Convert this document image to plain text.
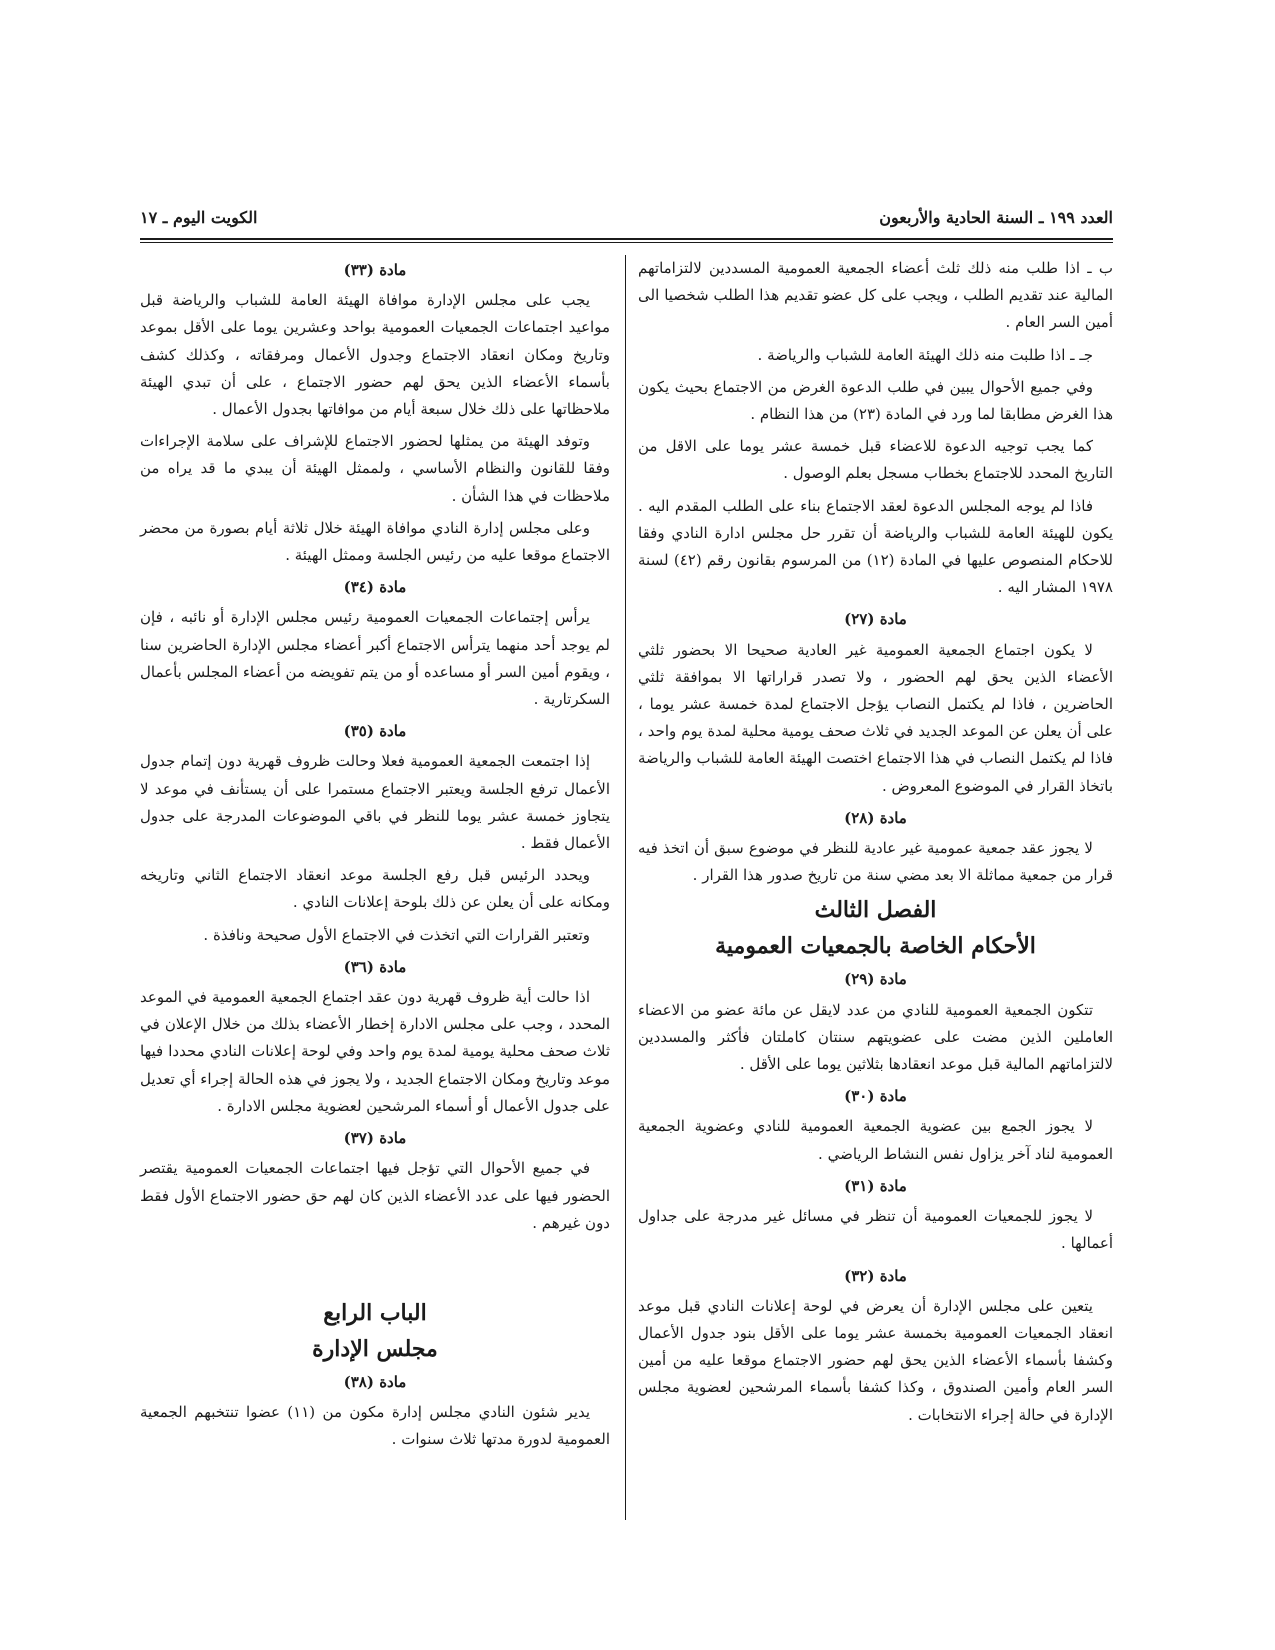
العدد ١٩٩ ـ السنة الحادية والأربعون
الكويت اليوم ـ ١٧

ب ـ اذا طلب منه ذلك ثلث أعضاء الجمعية العمومية المسددين لالتزاماتهم المالية عند تقديم الطلب ، ويجب على كل عضو تقديم هذا الطلب شخصيا الى أمين السر العام .

جـ ـ اذا طلبت منه ذلك الهيئة العامة للشباب والرياضة .

وفي جميع الأحوال يبين في طلب الدعوة الغرض من الاجتماع بحيث يكون هذا الغرض مطابقا لما ورد في المادة (٢٣) من هذا النظام .

كما يجب توجيه الدعوة للاعضاء قبل خمسة عشر يوما على الاقل من التاريخ المحدد للاجتماع بخطاب مسجل بعلم الوصول .

فاذا لم يوجه المجلس الدعوة لعقد الاجتماع بناء على الطلب المقدم اليه . يكون للهيئة العامة للشباب والرياضة أن تقرر حل مجلس ادارة النادي وفقا للاحكام المنصوص عليها في المادة (١٢) من المرسوم بقانون رقم (٤٢) لسنة ١٩٧٨ المشار اليه .

مادة (٢٧)

لا يكون اجتماع الجمعية العمومية غير العادية صحيحا الا بحضور ثلثي الأعضاء الذين يحق لهم الحضور ، ولا تصدر قراراتها الا بموافقة ثلثي الحاضرين ، فاذا لم يكتمل النصاب يؤجل الاجتماع لمدة خمسة عشر يوما ، على أن يعلن عن الموعد الجديد في ثلاث صحف يومية محلية لمدة يوم واحد ، فاذا لم يكتمل النصاب في هذا الاجتماع اختصت الهيئة العامة للشباب والرياضة باتخاذ القرار في الموضوع المعروض .

مادة (٢٨)

لا يجوز عقد جمعية عمومية غير عادية للنظر في موضوع سبق أن اتخذ فيه قرار من جمعية مماثلة الا بعد مضي سنة من تاريخ صدور هذا القرار .

الفصل الثالث
الأحكام الخاصة بالجمعيات العمومية
مادة (٢٩)

تتكون الجمعية العمومية للنادي من عدد لايقل عن مائة عضو من الاعضاء العاملين الذين مضت على عضويتهم سنتان كاملتان فأكثر والمسددين لالتزاماتهم المالية قبل موعد انعقادها بثلاثين يوما على الأقل .

مادة (٣٠)

لا يجوز الجمع بين عضوية الجمعية العمومية للنادي وعضوية الجمعية العمومية لناد آخر يزاول نفس النشاط الرياضي .

مادة (٣١)

لا يجوز للجمعيات العمومية أن تنظر في مسائل غير مدرجة على جداول أعمالها .

مادة (٣٢)

يتعين على مجلس الإدارة أن يعرض في لوحة إعلانات النادي قبل موعد انعقاد الجمعيات العمومية بخمسة عشر يوما على الأقل بنود جدول الأعمال وكشفا بأسماء الأعضاء الذين يحق لهم حضور الاجتماع موقعا عليه من أمين السر العام وأمين الصندوق ، وكذا كشفا بأسماء المرشحين لعضوية مجلس الإدارة في حالة إجراء الانتخابات .

مادة (٣٣)

يجب على مجلس الإدارة موافاة الهيئة العامة للشباب والرياضة قبل مواعيد اجتماعات الجمعيات العمومية بواحد وعشرين يوما على الأقل بموعد وتاريخ ومكان انعقاد الاجتماع وجدول الأعمال ومرفقاته ، وكذلك كشف بأسماء الأعضاء الذين يحق لهم حضور الاجتماع ، على أن تبدي الهيئة ملاحظاتها على ذلك خلال سبعة أيام من موافاتها بجدول الأعمال .

وتوفد الهيئة من يمثلها لحضور الاجتماع للإشراف على سلامة الإجراءات وفقا للقانون والنظام الأساسي ، ولممثل الهيئة أن يبدي ما قد يراه من ملاحظات في هذا الشأن .

وعلى مجلس إدارة النادي موافاة الهيئة خلال ثلاثة أيام بصورة من محضر الاجتماع موقعا عليه من رئيس الجلسة وممثل الهيئة .

مادة (٣٤)

يرأس إجتماعات الجمعيات العمومية رئيس مجلس الإدارة أو نائبه ، فإن لم يوجد أحد منهما يترأس الاجتماع أكبر أعضاء مجلس الإدارة الحاضرين سنا ، ويقوم أمين السر أو مساعده أو من يتم تفويضه من أعضاء المجلس بأعمال السكرتارية .

مادة (٣٥)

إذا اجتمعت الجمعية العمومية فعلا وحالت ظروف قهرية دون إتمام جدول الأعمال ترفع الجلسة ويعتبر الاجتماع مستمرا على أن يستأنف في موعد لا يتجاوز خمسة عشر يوما للنظر في باقي الموضوعات المدرجة على جدول الأعمال فقط .

ويحدد الرئيس قبل رفع الجلسة موعد انعقاد الاجتماع الثاني وتاريخه ومكانه على أن يعلن عن ذلك بلوحة إعلانات النادي .

وتعتبر القرارات التي اتخذت في الاجتماع الأول صحيحة ونافذة .

مادة (٣٦)

اذا حالت أية ظروف قهرية دون عقد اجتماع الجمعية العمومية في الموعد المحدد ، وجب على مجلس الادارة إخطار الأعضاء بذلك من خلال الإعلان في ثلاث صحف محلية يومية لمدة يوم واحد وفي لوحة إعلانات النادي محددا فيها موعد وتاريخ ومكان الاجتماع الجديد ، ولا يجوز في هذه الحالة إجراء أي تعديل على جدول الأعمال أو أسماء المرشحين لعضوية مجلس الادارة .

مادة (٣٧)

في جميع الأحوال التي تؤجل فيها اجتماعات الجمعيات العمومية يقتصر الحضور فيها على عدد الأعضاء الذين كان لهم حق حضور الاجتماع الأول فقط دون غيرهم .

الباب الرابع
مجلس الإدارة
مادة (٣٨)

يدير شئون النادي مجلس إدارة مكون من (١١) عضوا تنتخبهم الجمعية العمومية لدورة مدتها ثلاث سنوات .
